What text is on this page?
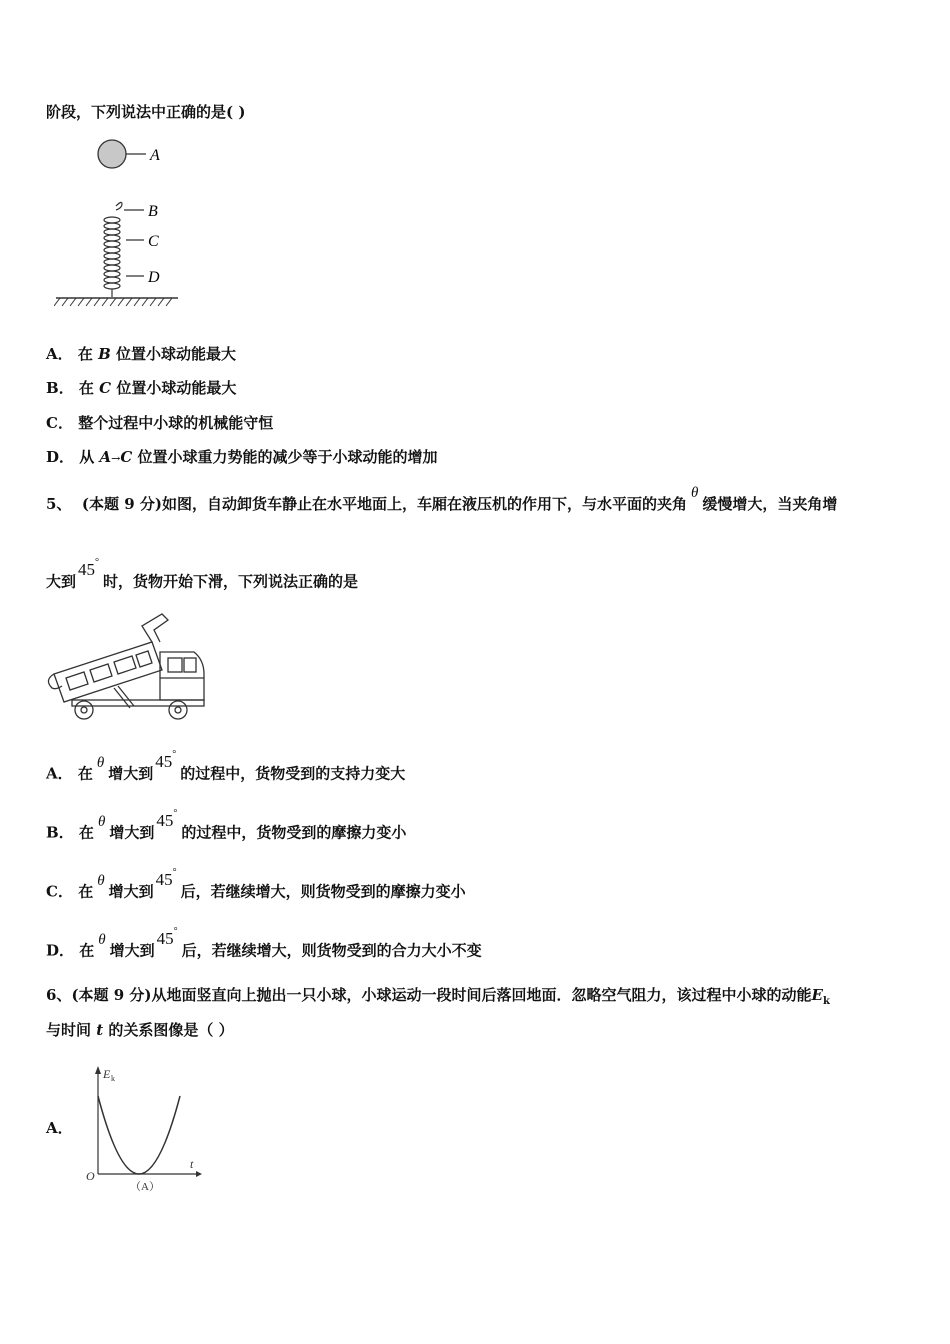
阶段，下列说法中正确的是( )
A
B
C
D
A． 在 B 位置小球动能最大
B． 在 C 位置小球动能最大
C． 整个过程中小球的机械能守恒
D． 从 A→C 位置小球重力势能的减少等于小球动能的增加
5、 (本题 9 分)如图，自动卸货车静止在水平地面上，车厢在液压机的作用下，与水平面的夹角θ缓慢增大，当夹角增
大到45°时，货物开始下滑，下列说法正确的是
A． 在θ增大到45°的过程中，货物受到的支持力变大
B． 在θ增大到45°的过程中，货物受到的摩擦力变小
C． 在θ增大到45°后，若继续增大，则货物受到的摩擦力变小
D． 在θ增大到45°后，若继续增大，则货物受到的合力大小不变
6、(本题 9 分)从地面竖直向上抛出一只小球，小球运动一段时间后落回地面．忽略空气阻力，该过程中小球的动能$E_k$
与时间 t 的关系图像是（ ）
A．
E k
t
O
（A）
